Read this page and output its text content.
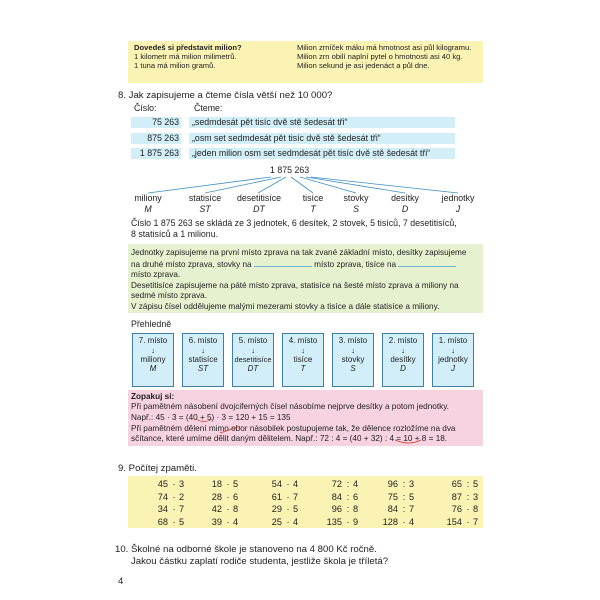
Dovedeš si představit milion?
1 kilometr má milion milimetrů.
1 tuna má milion gramů.
Milion zrníček máku má hmotnost asi půl kilogramu.
Milion zrn obilí naplní pytel o hmotnosti asi 40 kg.
Milion sekund je asi jedenáct a půl dne.
8. Jak zapisujeme a čteme čísla větší než 10 000?
Číslo:	Čteme:
75 263	„sedmdesát pět tisíc dvě stě šedesát tři“
875 263	„osm set sedmdesát pět tisíc dvě stě šedesát tři“
1 875 263	„jeden milion osm set sedmdesát pět tisíc dvě stě šedesát tři“
1 875 263
miliony
M
statisíce
ST
desetitisíce
DT
tisíce
T
stovky
S
desítky
D
jednotky
J
Číslo 1 875 263 se skládá ze 3 jednotek, 6 desítek, 2 stovek, 5 tisíců, 7 desetitisíců,
8 statisíců a 1 milionu.
Jednotky zapisujeme na první místo zprava na tak zvané základní místo, desítky zapisujeme
na druhé místo zprava, stovky na	místo zprava, tisíce na
místo zprava.
Desetitisíce zapisujeme na páté místo zprava, statisíce na šesté místo zprava a miliony na
sedmé místo zprava.
V zápisu čísel oddělujeme malými mezerami stovky a tisíce a dále statisíce a miliony.
Přehledně
7. místo
↓
miliony
M
6. místo
↓
statisíce
ST
5. místo
↓
desetitisíce
DT
4. místo
↓
tisíce
T
3. místo
↓
stovky
S
2. místo
↓
desítky
D
1. místo
↓
jednotky
J
Zopakuj si:
Při pamětném násobení dvojciferných čísel násobíme nejprve desítky a potom jednotky.
Např.: 45 · 3 = (40 + 5) · 3 = 120 + 15 = 135
Při pamětném dělení mimo obor násobilek postupujeme tak, že dělence rozložíme na dva
sčítance, které umíme dělit daným dělitelem. Např.: 72 : 4 = (40 + 32) : 4 = 10 + 8 = 18.
9. Počítej zpaměti.
45 · 3	18 · 5	54 · 4	72 : 4	96 : 3	65 : 5
74 · 2	28 · 6	61 · 7	84 : 6	75 : 5	87 : 3
34 · 7	42 · 8	29 · 5	96 : 8	84 : 7	76 · 8
68 · 5	39 · 4	25 · 4	135 · 9	128 · 4	154 · 7
10. Školné na odborné škole je stanoveno na 4 800 Kč ročně.
Jakou částku zaplatí rodiče studenta, jestliže škola je tříletá?
4
